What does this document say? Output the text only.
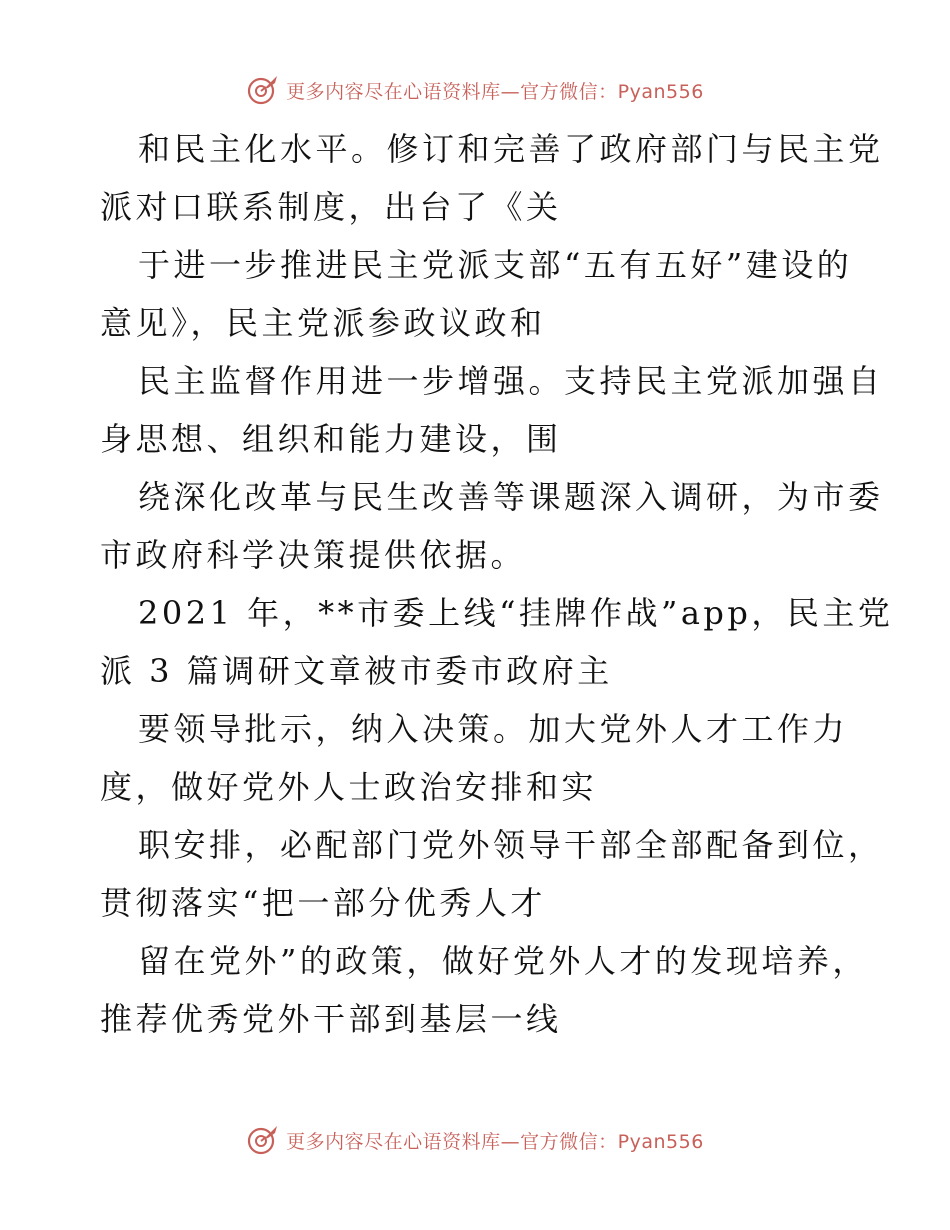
更多内容尽在心语资料库—官方微信：Pyan556
和民主化水平。修订和完善了政府部门与民主党
派对口联系制度，出台了《关
于进一步推进民主党派支部“五有五好”建设的
意见》，民主党派参政议政和
民主监督作用进一步增强。支持民主党派加强自
身思想、组织和能力建设，围
绕深化改革与民生改善等课题深入调研，为市委
市政府科学决策提供依据。
2021 年，**市委上线“挂牌作战”app，民主党
派 3 篇调研文章被市委市政府主
要领导批示，纳入决策。加大党外人才工作力
度，做好党外人士政治安排和实
职安排，必配部门党外领导干部全部配备到位，
贯彻落实“把一部分优秀人才
留在党外”的政策，做好党外人才的发现培养，
推荐优秀党外干部到基层一线
更多内容尽在心语资料库—官方微信：Pyan556
